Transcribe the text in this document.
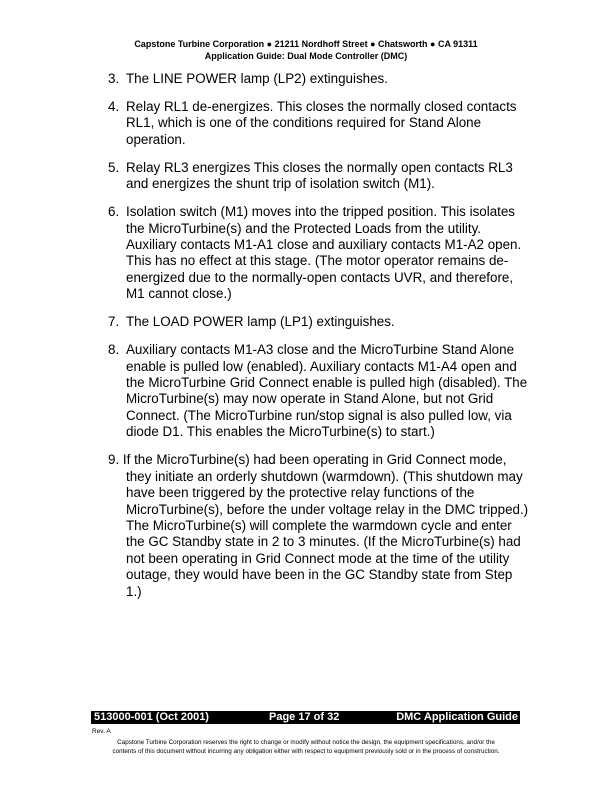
Capstone Turbine Corporation ● 21211 Nordhoff Street ● Chatsworth ● CA 91311
Application Guide: Dual Mode Controller (DMC)
3. The LINE POWER lamp (LP2) extinguishes.
4. Relay RL1 de-energizes. This closes the normally closed contacts RL1, which is one of the conditions required for Stand Alone operation.
5. Relay RL3 energizes This closes the normally open contacts RL3 and energizes the shunt trip of isolation switch (M1).
6. Isolation switch (M1) moves into the tripped position. This isolates the MicroTurbine(s) and the Protected Loads from the utility. Auxiliary contacts M1-A1 close and auxiliary contacts M1-A2 open. This has no effect at this stage. (The motor operator remains de-energized due to the normally-open contacts UVR, and therefore, M1 cannot close.)
7. The LOAD POWER lamp (LP1) extinguishes.
8. Auxiliary contacts M1-A3 close and the MicroTurbine Stand Alone enable is pulled low (enabled). Auxiliary contacts M1-A4 open and the MicroTurbine Grid Connect enable is pulled high (disabled). The MicroTurbine(s) may now operate in Stand Alone, but not Grid Connect. (The MicroTurbine run/stop signal is also pulled low, via diode D1. This enables the MicroTurbine(s) to start.)
9. If the MicroTurbine(s) had been operating in Grid Connect mode,
they initiate an orderly shutdown (warmdown). (This shutdown may have been triggered by the protective relay functions of the MicroTurbine(s), before the under voltage relay in the DMC tripped.) The MicroTurbine(s) will complete the warmdown cycle and enter the GC Standby state in 2 to 3 minutes. (If the MicroTurbine(s) had not been operating in Grid Connect mode at the time of the utility outage, they would have been in the GC Standby state from Step 1.)
513000-001 (Oct 2001)	Page 17 of 32	DMC Application Guide
Rev. A
Capstone Turbine Corporation reserves the right to change or modify without notice the design, the equipment specifications, and/or the
contents of this document without incurring any obligation either with respect to equipment previously sold or in the process of construction.
